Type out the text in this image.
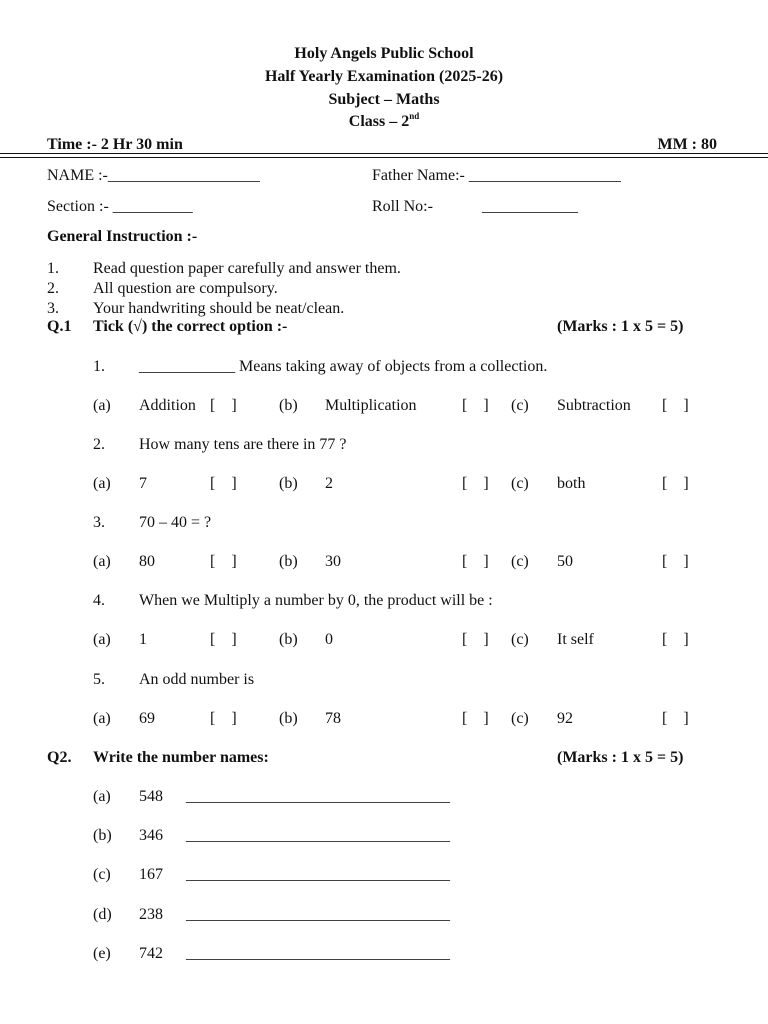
Holy Angels Public School
Half Yearly Examination (2025-26)
Subject – Maths
Class – 2nd
Time :- 2 Hr 30 min	MM : 80
NAME :-___________________	Father Name:- ___________________
Section :- __________	Roll No:-	____________
General Instruction :-
1. Read question paper carefully and answer them.
2. All question are compulsory.
3. Your handwriting should be neat/clean.
Q.1 Tick (√) the correct option :-	(Marks : 1 x 5 = 5)
1. ____________ Means taking away of objects from a collection.
(a) Addition [    ]	(b) Multiplication	[    ] (c) Subtraction [    ]
2. How many tens are there in 77 ?
(a) 7	[    ]	(b) 2	[    ] (c) both	[    ]
3. 70 – 40 = ?
(a) 80	[    ]	(b) 30	[    ] (c) 50	[    ]
4. When we Multiply a number by 0, the product will be :
(a) 1	[    ]	(b) 0	[    ] (c) It self	[    ]
5. An odd number is
(a) 69	[    ]	(b) 78	[    ] (c) 92	[    ]
Q2. Write the number names:	(Marks : 1 x 5 = 5)
(a) 548 _________________________________
(b) 346 _________________________________
(c) 167 _________________________________
(d) 238 _________________________________
(e) 742 _________________________________
